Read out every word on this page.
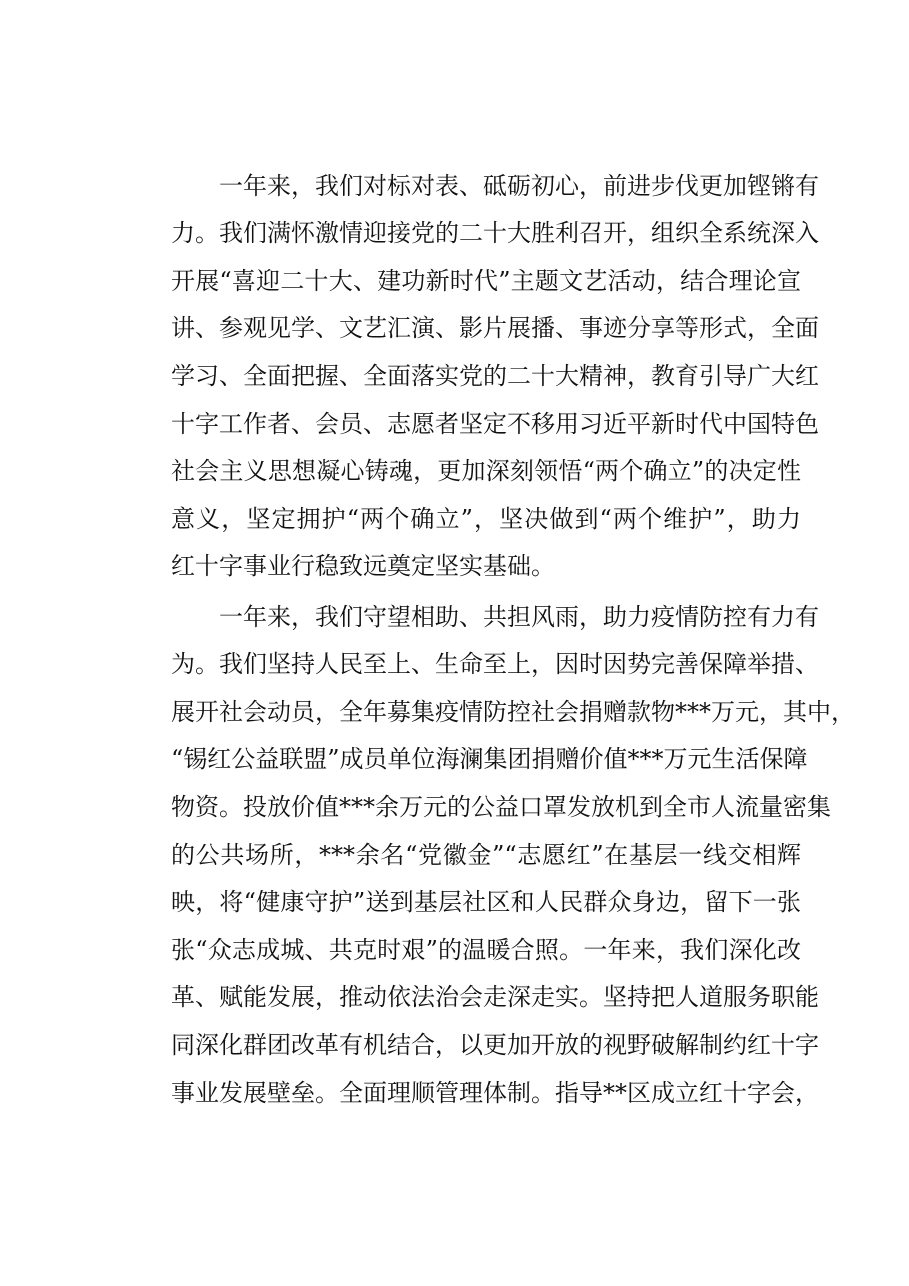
一年来，我们对标对表、砥砺初心，前进步伐更加铿锵有
力。我们满怀激情迎接党的二十大胜利召开，组织全系统深入
开展“喜迎二十大、建功新时代”主题文艺活动，结合理论宣
讲、参观见学、文艺汇演、影片展播、事迹分享等形式，全面
学习、全面把握、全面落实党的二十大精神，教育引导广大红
十字工作者、会员、志愿者坚定不移用习近平新时代中国特色
社会主义思想凝心铸魂，更加深刻领悟“两个确立”的决定性
意义，坚定拥护“两个确立”，坚决做到“两个维护”，助力
红十字事业行稳致远奠定坚实基础。
一年来，我们守望相助、共担风雨，助力疫情防控有力有
为。我们坚持人民至上、生命至上，因时因势完善保障举措、
展开社会动员，全年募集疫情防控社会捐赠款物***万元，其中，
“锡红公益联盟”成员单位海澜集团捐赠价值***万元生活保障
物资。投放价值***余万元的公益口罩发放机到全市人流量密集
的公共场所，***余名“党徽金”“志愿红”在基层一线交相辉
映，将“健康守护”送到基层社区和人民群众身边，留下一张
张“众志成城、共克时艰”的温暖合照。一年来，我们深化改
革、赋能发展，推动依法治会走深走实。坚持把人道服务职能
同深化群团改革有机结合，以更加开放的视野破解制约红十字
事业发展壁垒。全面理顺管理体制。指导**区成立红十字会，
